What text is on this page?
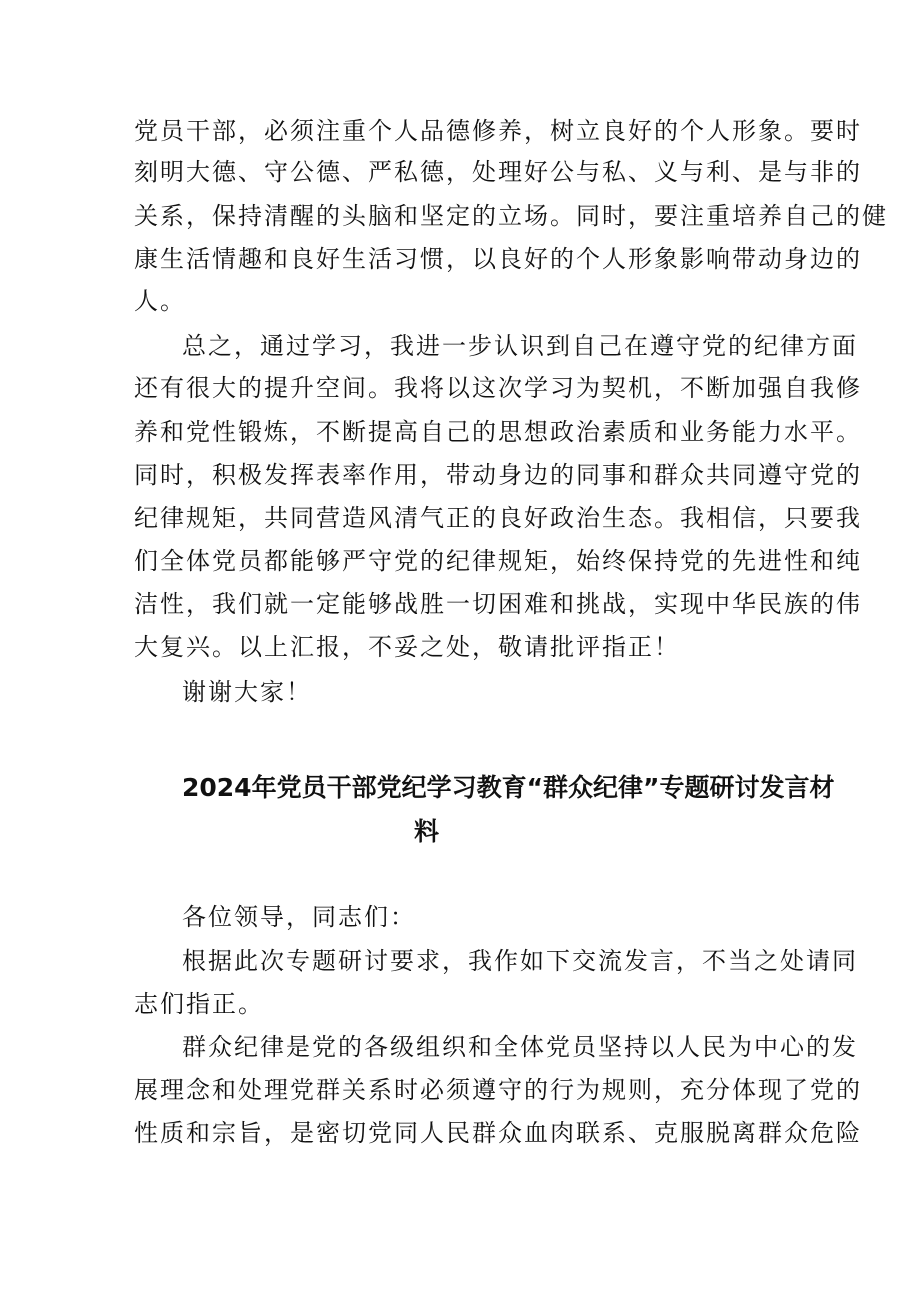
党员干部，必须注重个人品德修养，树立良好的个人形象。要时
刻明大德、守公德、严私德，处理好公与私、义与利、是与非的
关系，保持清醒的头脑和坚定的立场。同时，要注重培养自己的健
康生活情趣和良好生活习惯，以良好的个人形象影响带动身边的
人。
总之，通过学习，我进一步认识到自己在遵守党的纪律方面
还有很大的提升空间。我将以这次学习为契机，不断加强自我修
养和党性锻炼，不断提高自己的思想政治素质和业务能力水平。
同时，积极发挥表率作用，带动身边的同事和群众共同遵守党的
纪律规矩，共同营造风清气正的良好政治生态。我相信，只要我
们全体党员都能够严守党的纪律规矩，始终保持党的先进性和纯
洁性，我们就一定能够战胜一切困难和挑战，实现中华民族的伟
大复兴。以上汇报，不妥之处，敬请批评指正！
谢谢大家！
2024年党员干部党纪学习教育“群众纪律”专题研讨发言材
料
各位领导，同志们：
根据此次专题研讨要求，我作如下交流发言，不当之处请同
志们指正。
群众纪律是党的各级组织和全体党员坚持以人民为中心的发
展理念和处理党群关系时必须遵守的行为规则，充分体现了党的
性质和宗旨，是密切党同人民群众血肉联系、克服脱离群众危险
